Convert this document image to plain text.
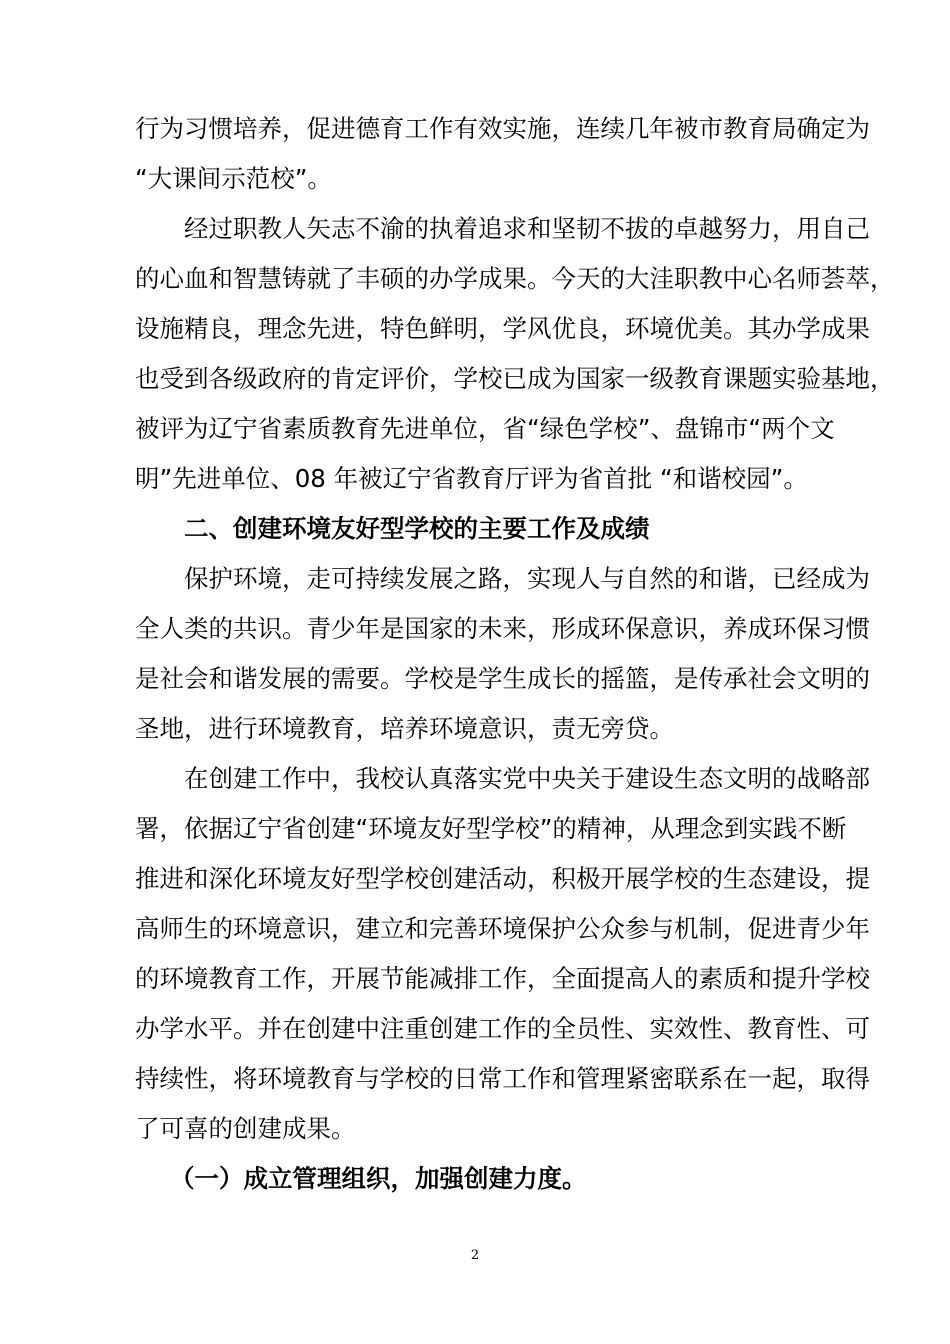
行为习惯培养，促进德育工作有效实施，连续几年被市教育局确定为
“大课间示范校”。
经过职教人矢志不渝的执着追求和坚韧不拔的卓越努力，用自己
的心血和智慧铸就了丰硕的办学成果。今天的大洼职教中心名师荟萃，
设施精良，理念先进，特色鲜明，学风优良，环境优美。其办学成果
也受到各级政府的肯定评价，学校已成为国家一级教育课题实验基地，
被评为辽宁省素质教育先进单位，省“绿色学校”、盘锦市“两个文
明”先进单位、08 年被辽宁省教育厅评为省首批 “和谐校园”。
二、创建环境友好型学校的主要工作及成绩
保护环境，走可持续发展之路，实现人与自然的和谐，已经成为
全人类的共识。青少年是国家的未来，形成环保意识，养成环保习惯
是社会和谐发展的需要。学校是学生成长的摇篮，是传承社会文明的
圣地，进行环境教育，培养环境意识，责无旁贷。
在创建工作中，我校认真落实党中央关于建设生态文明的战略部
署，依据辽宁省创建“环境友好型学校”的精神，从理念到实践不断
推进和深化环境友好型学校创建活动，积极开展学校的生态建设，提
高师生的环境意识，建立和完善环境保护公众参与机制，促进青少年
的环境教育工作，开展节能减排工作，全面提高人的素质和提升学校
办学水平。并在创建中注重创建工作的全员性、实效性、教育性、可
持续性，将环境教育与学校的日常工作和管理紧密联系在一起，取得
了可喜的创建成果。
（一）成立管理组织，加强创建力度。
2
